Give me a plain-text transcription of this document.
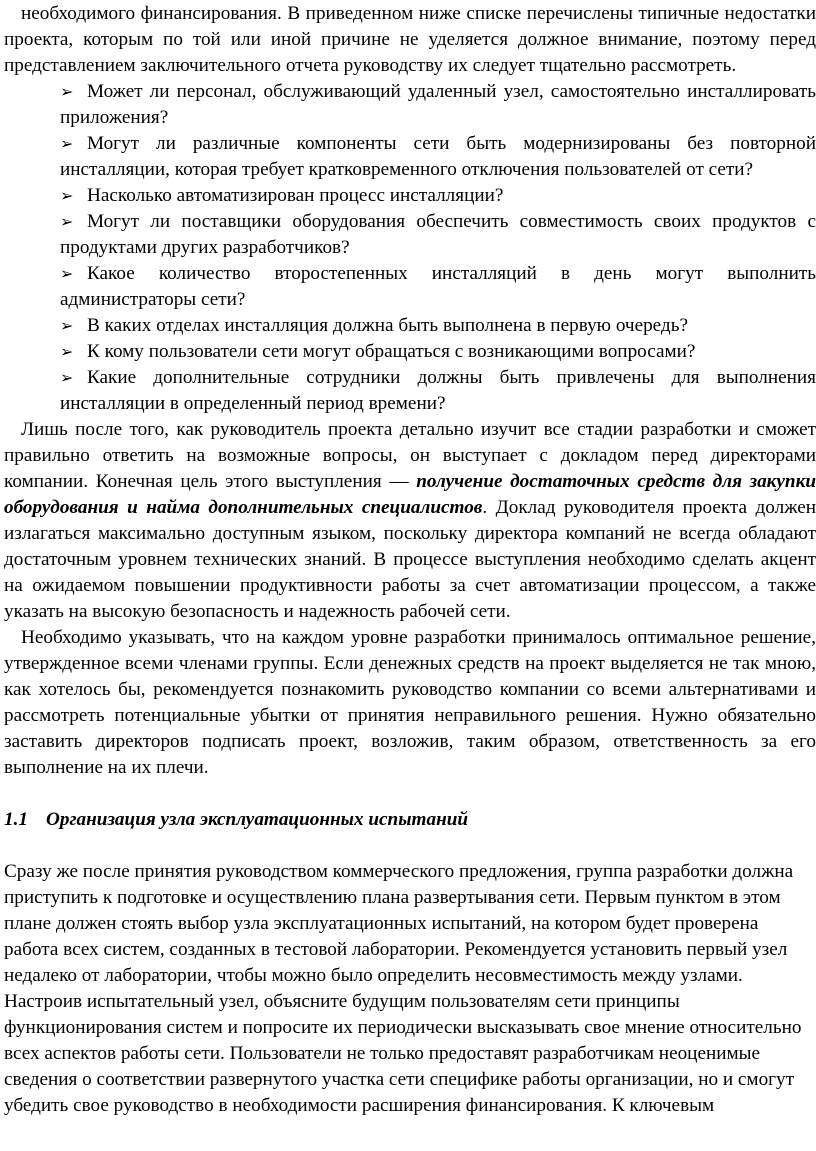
необходимого финансирования. В приведенном ниже списке перечислены типичные недостатки проекта, которым по той или иной причине не уделяется должное внимание, поэтому перед представлением заключительного отчета руководству их следует тщательно рассмотреть.

➢ Может ли персонал, обслуживающий удаленный узел, самостоятельно инсталлировать приложения?
➢ Могут ли различные компоненты сети быть модернизированы без повторной инсталляции, которая требует кратковременного отключения пользователей от сети?
➢ Насколько автоматизирован процесс инсталляции?
➢ Могут ли поставщики оборудования обеспечить совместимость своих продуктов с продуктами других разработчиков?
➢ Какое количество второстепенных инсталляций в день могут выполнить администраторы сети?
➢ В каких отделах инсталляция должна быть выполнена в первую очередь?
➢ К кому пользователи сети могут обращаться с возникающими вопросами?
➢ Какие дополнительные сотрудники должны быть привлечены для выполнения инсталляции в определенный период времени?

Лишь после того, как руководитель проекта детально изучит все стадии разработки и сможет правильно ответить на возможные вопросы, он выступает с докладом перед директорами компании. Конечная цель этого выступления — получение достаточных средств для закупки оборудования и найма дополнительных специалистов. Доклад руководителя проекта должен излагаться максимально доступным языком, поскольку директора компаний не всегда обладают достаточным уровнем технических знаний. В процессе выступления необходимо сделать акцент на ожидаемом повышении продуктивности работы за счет автоматизации процессом, а также указать на высокую безопасность и надежность рабочей сети.

Необходимо указывать, что на каждом уровне разработки принималось оптимальное решение, утвержденное всеми членами группы. Если денежных средств на проект выделяется не так мною, как хотелось бы, рекомендуется познакомить руководство компании со всеми альтернативами и рассмотреть потенциальные убытки от принятия неправильного решения. Нужно обязательно заставить директоров подписать проект, возложив, таким образом, ответственность за его выполнение на их плечи.

1.1 Организация узла эксплуатационных испытаний

Сразу же после принятия руководством коммерческого предложения, группа разработки должна приступить к подготовке и осуществлению плана развертывания сети. Первым пунктом в этом плане должен стоять выбор узла эксплуатационных испытаний, на котором будет проверена работа всех систем, созданных в тестовой лаборатории. Рекомендуется установить первый узел недалеко от лаборатории, чтобы можно было определить несовместимость между узлами. Настроив испытательный узел, объясните будущим пользователям сети принципы функционирования систем и попросите их периодически высказывать свое мнение относительно всех аспектов работы сети. Пользователи не только предоставят разработчикам неоценимые сведения о соответствии развернутого участка сети специфике работы организации, но и смогут убедить свое руководство в необходимости расширения финансирования. К ключевым
